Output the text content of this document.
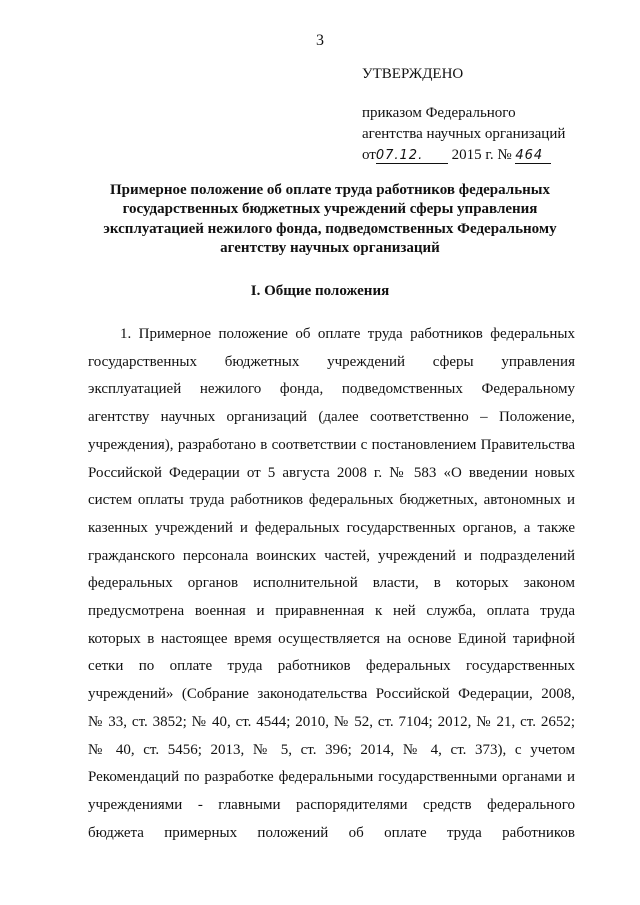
3
УТВЕРЖДЕНО
приказом Федерального
агентства научных организаций
от07.12. 2015 г. № 464
Примерное положение об оплате труда работников федеральных
государственных бюджетных учреждений сферы управления
эксплуатацией нежилого фонда, подведомственных Федеральному
агентству научных организаций
I. Общие положения
1. Примерное положение об оплате труда работников федеральных
государственных бюджетных учреждений сферы управления
эксплуатацией нежилого фонда, подведомственных Федеральному
агентству научных организаций (далее соответственно – Положение,
учреждения), разработано в соответствии с постановлением Правительства
Российской Федерации от 5 августа 2008 г. № 583 «О введении новых
систем оплаты труда работников федеральных бюджетных, автономных и
казенных учреждений и федеральных государственных органов, а также
гражданского персонала воинских частей, учреждений и подразделений
федеральных органов исполнительной власти, в которых законом
предусмотрена военная и приравненная к ней служба, оплата труда
которых в настоящее время осуществляется на основе Единой тарифной
сетки по оплате труда работников федеральных государственных
учреждений» (Собрание законодательства Российской Федерации, 2008,
№ 33, ст. 3852; № 40, ст. 4544; 2010, № 52, ст. 7104; 2012, № 21, ст. 2652;
№ 40, ст. 5456; 2013, № 5, ст. 396; 2014, № 4, ст. 373), с учетом
Рекомендаций по разработке федеральными государственными органами и
учреждениями - главными распорядителями средств федерального
бюджета примерных положений об оплате труда работников
